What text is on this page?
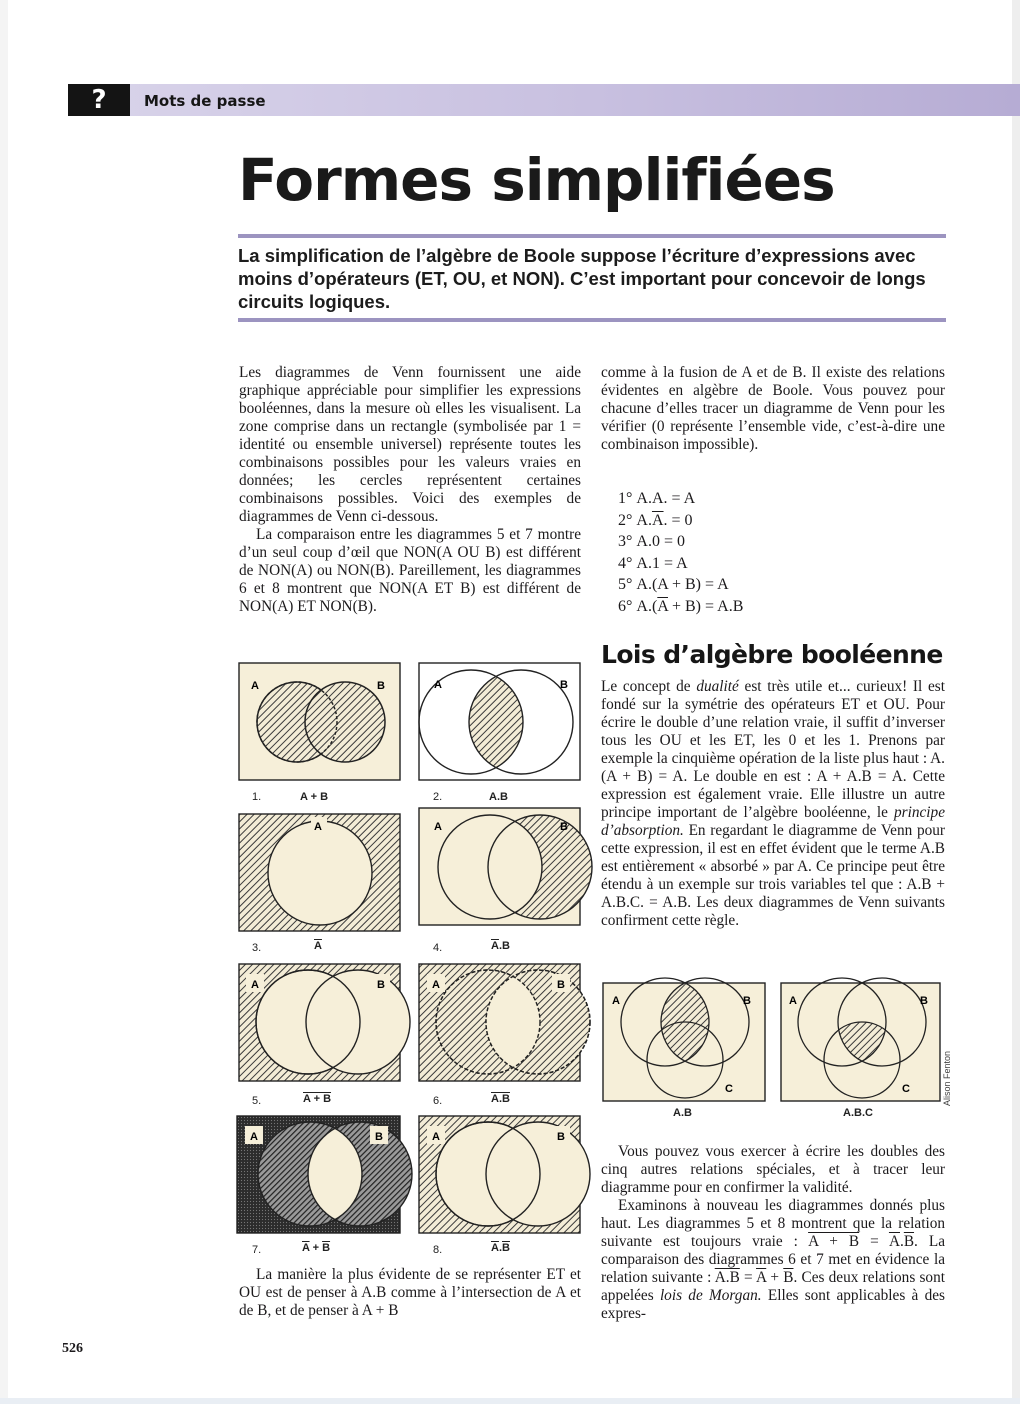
?	Mots de passe
Formes simplifiées

La simplification de l’algèbre de Boole suppose l’écriture d’expressions avec moins d’opérateurs (ET, OU, et NON). C’est important pour concevoir de longs circuits logiques.

Les diagrammes de Venn fournissent une aide graphique appréciable pour simplifier les expressions booléennes, dans la mesure où elles les visualisent. La zone comprise dans un rectangle (symbolisée par 1 = identité ou ensemble universel) représente toutes les combinaisons possibles pour les valeurs vraies en données; les cercles représentent certaines combinaisons possibles. Voici des exemples de diagrammes de Venn ci-dessous.

La comparaison entre les diagrammes 5 et 7 montre d’un seul coup d’œil que NON(A OU B) est différent de NON(A) ou NON(B). Pareillement, les diagrammes 6 et 8 montrent que NON(A ET B) est différent de NON(A) ET NON(B).

La manière la plus évidente de se représenter ET et OU est de penser à A.B comme à l’intersection de A et de B, et de penser à A + B

comme à la fusion de A et de B. Il existe des relations évidentes en algèbre de Boole. Vous pouvez pour chacune d’elles tracer un diagramme de Venn pour les vérifier (0 représente l’ensemble vide, c’est-à-dire une combinaison impossible).

1° A.A. = A
2° $A.\overline{A}$. = 0
3° A.0 = 0
4° A.1 = A
5° A.(A + B) = A
6° $A.(\overline{A} + B) = A.B$
Lois d’algèbre booléenne

Le concept de dualité est très utile et... curieux! Il est fondé sur la symétrie des opérateurs ET et OU. Pour écrire le double d’une relation vraie, il suffit d’inverser tous les OU et les ET, les 0 et les 1. Prenons par exemple la cinquième opération de la liste plus haut : A.(A + B) = A. Le double en est : A + A.B = A. Cette expression est également vraie. Elle illustre un autre principe important de l’algèbre booléenne, le principe d’absorption. En regardant le diagramme de Venn pour cette expression, il est en effet évident que le terme A.B est entièrement « absorbé » par A. Ce principe peut être étendu à un exemple sur trois variables tel que : A.B + A.B.C. = A.B. Les deux diagrammes de Venn suivants confirment cette règle.

Vous pouvez vous exercer à écrire les doubles des cinq autres relations spéciales, et à tracer leur diagramme pour en confirmer la validité.

Examinons à nouveau les diagrammes donnés plus haut. Les diagrammes 5 et 8 montrent que la relation suivante est toujours vraie : $A + B = \overline{A}.\overline{B}$. La comparaison des diagrammes 6 et 7 met en évidence la relation suivante : $A.B = \overline{A} + \overline{B}$. Ces deux relations sont appelées lois de Morgan. Elles sont applicables à des expres-

A	B	A	B
A	A	B
A	B	A	B
A	B	A	B
A	B
C
A	B
C
1.	A + B	2.	A.B
3.	$\overline{A}$	4.	$\overline{A}.B$
5.	A + B	6.	A.B
7.	$\overline{A} + \overline{B}$	8.	$\overline{A}.\overline{B}$
A.B	A.B.C
Alison Fenton
526
